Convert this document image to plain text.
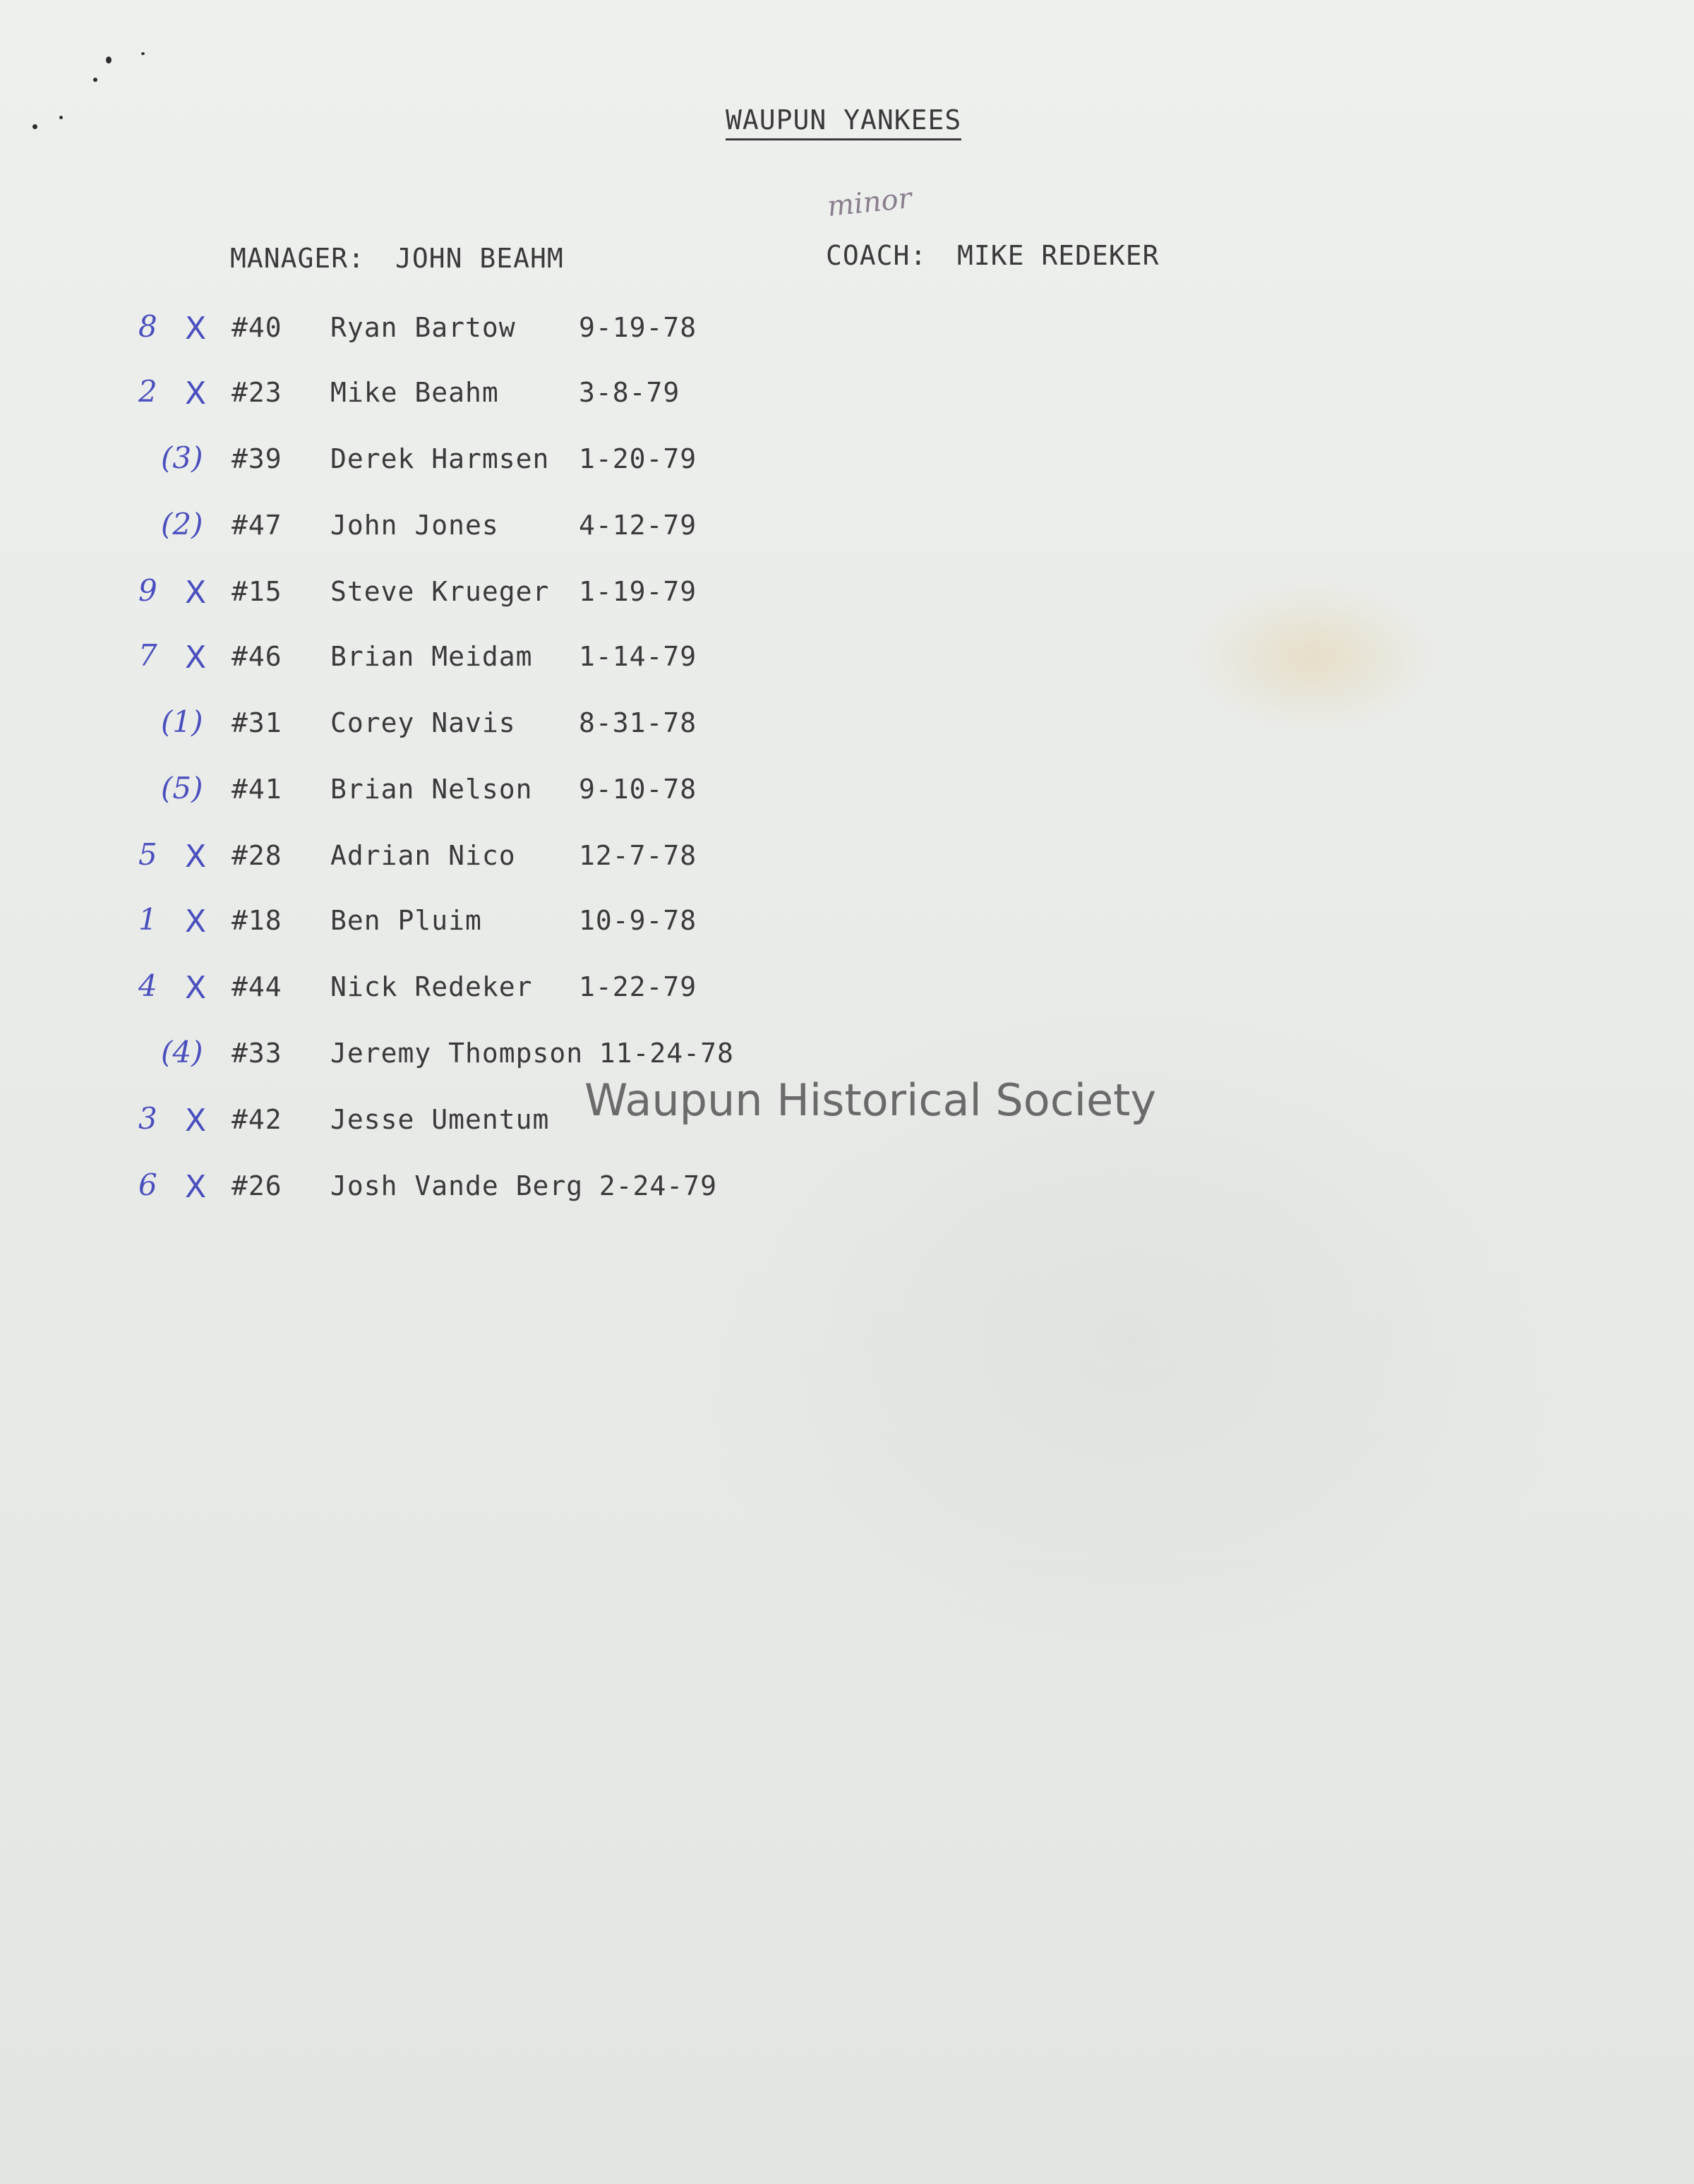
WAUPUN YANKEES
minor
MANAGER: JOHN BEAHM	COACH: MIKE REDEKER
8 X #40 Ryan Bartow 9-19-78
2 X #23 Mike Beahm	3-8-79
(3) #39 Derek Harmsen 1-20-79
(2) #47 John Jones	4-12-79
9 X #15 Steve Krueger 1-19-79
7 X #46 Brian Meidam 1-14-79
(1) #31 Corey Navis 8-31-78
(5) #41 Brian Nelson 9-10-78
5 X #28 Adrian Nico 12-7-78
1 X #18 Ben Pluim	10-9-78
4 X #44 Nick Redeker 1-22-79
(4) #33 Jeremy Thompson 11-24-78
3 X #42 Jesse Umentum
6 X #26 Josh Vande Berg 2-24-79
Waupun Historical Society
